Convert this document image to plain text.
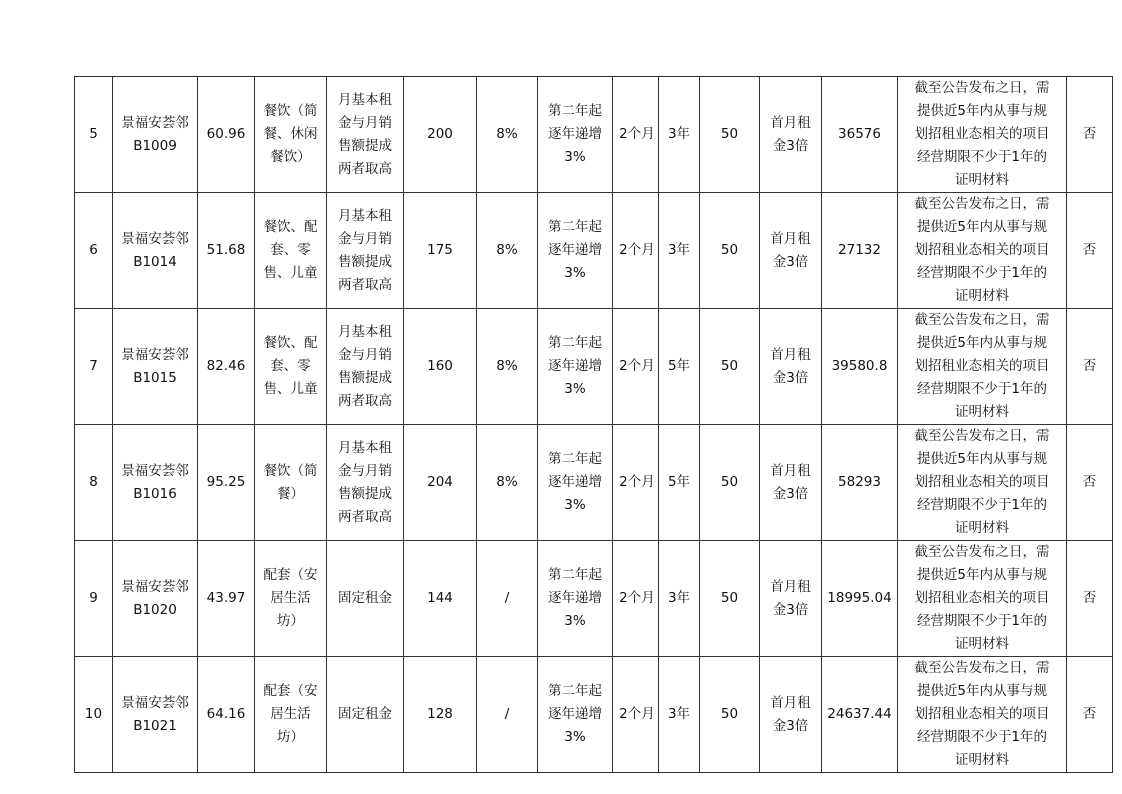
5	景福安荟邻B1009	60.96	餐饮（简餐、休闲餐饮）	月基本租金与月销售额提成两者取高	200	8%	第二年起逐年递增3%	2个月	3年	50	首月租金3倍	36576	截至公告发布之日，需提供近5年内从事与规划招租业态相关的项目经营期限不少于1年的证明材料	否
6	景福安荟邻B1014	51.68	餐饮、配套、零售、儿童	月基本租金与月销售额提成两者取高	175	8%	第二年起逐年递增3%	2个月	3年	50	首月租金3倍	27132	截至公告发布之日，需提供近5年内从事与规划招租业态相关的项目经营期限不少于1年的证明材料	否
7	景福安荟邻B1015	82.46	餐饮、配套、零售、儿童	月基本租金与月销售额提成两者取高	160	8%	第二年起逐年递增3%	2个月	5年	50	首月租金3倍	39580.8	截至公告发布之日，需提供近5年内从事与规划招租业态相关的项目经营期限不少于1年的证明材料	否
8	景福安荟邻B1016	95.25	餐饮（简餐）	月基本租金与月销售额提成两者取高	204	8%	第二年起逐年递增3%	2个月	5年	50	首月租金3倍	58293	截至公告发布之日，需提供近5年内从事与规划招租业态相关的项目经营期限不少于1年的证明材料	否
9	景福安荟邻B1020	43.97	配套（安居生活坊）	固定租金	144	/	第二年起逐年递增3%	2个月	3年	50	首月租金3倍	18995.04	截至公告发布之日，需提供近5年内从事与规划招租业态相关的项目经营期限不少于1年的证明材料	否
10	景福安荟邻B1021	64.16	配套（安居生活坊）	固定租金	128	/	第二年起逐年递增3%	2个月	3年	50	首月租金3倍	24637.44	截至公告发布之日，需提供近5年内从事与规划招租业态相关的项目经营期限不少于1年的证明材料	否
